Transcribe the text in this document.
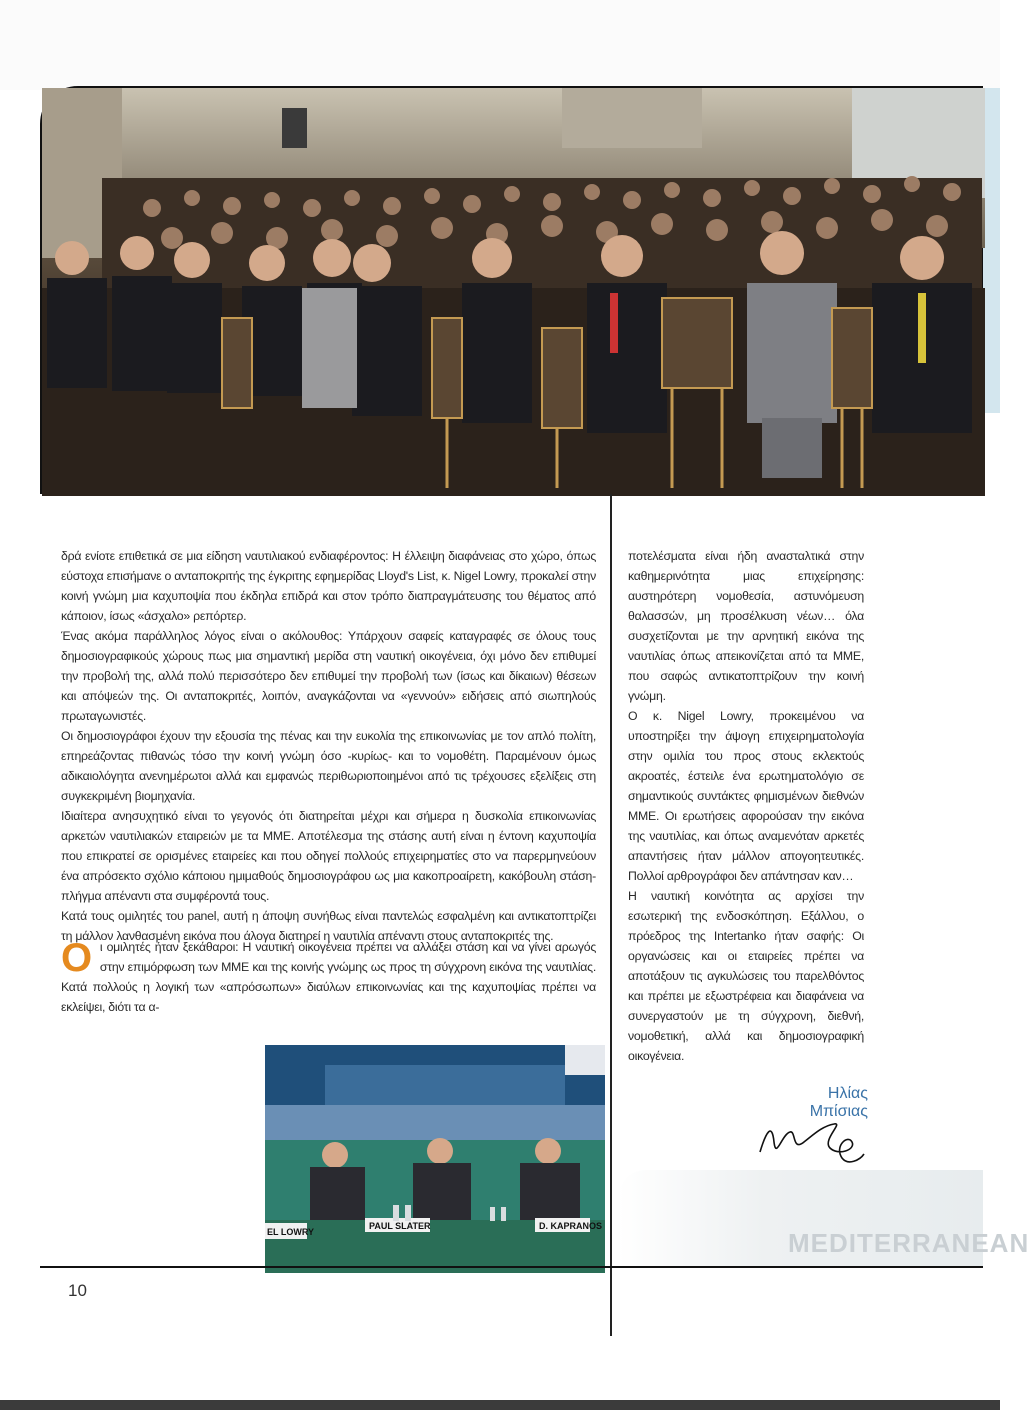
δρά ενίοτε επιθετικά σε μια είδηση ναυτιλιακού ενδιαφέροντος: Η έλλειψη διαφάνειας στο χώρο, όπως εύστοχα επισήμανε ο ανταποκριτής της έγκριτης εφημερίδας Lloyd's List, κ. Nigel Lowry, προκαλεί στην κοινή γνώμη μια καχυποψία που έκδηλα επιδρά και στον τρόπο διαπραγμάτευσης του θέματος από κάποιον, ίσως «άσχαλο» ρεπόρτερ.

Ένας ακόμα παράλληλος λόγος είναι ο ακόλουθος: Υπάρχουν σαφείς καταγραφές σε όλους τους δημοσιογραφικούς χώρους πως μια σημαντική μερίδα στη ναυτική οικογένεια, όχι μόνο δεν επιθυμεί την προβολή της, αλλά πολύ περισσότερο δεν επιθυμεί την προβολή των (ίσως και δίκαιων) θέσεων και απόψεών της. Οι ανταποκριτές, λοιπόν, αναγκάζονται να «γεννούν» ειδήσεις από σιωπηλούς πρωταγωνιστές.

Οι δημοσιογράφοι έχουν την εξουσία της πένας και την ευκολία της επικοινωνίας με τον απλό πολίτη, επηρεάζοντας πιθανώς τόσο την κοινή γνώμη όσο -κυρίως- και το νομοθέτη. Παραμένουν όμως αδικαιολόγητα ανενημέρωτοι αλλά και εμφανώς περιθωριοποιημένοι από τις τρέχουσες εξελίξεις στη συγκεκριμένη βιομηχανία.

Ιδιαίτερα ανησυχητικό είναι το γεγονός ότι διατηρείται μέχρι και σήμερα η δυσκολία επικοινωνίας αρκετών ναυτιλιακών εταιρειών με τα ΜΜΕ. Αποτέλεσμα της στάσης αυτή είναι η έντονη καχυποψία που επικρατεί σε ορισμένες εταιρείες και που οδηγεί πολλούς επιχειρηματίες στο να παρερμηνεύουν ένα απρόσεκτο σχόλιο κάποιου ημιμαθούς δημοσιογράφου ως μια κακοπροαίρετη, κακόβουλη στάση-πλήγμα απέναντι στα συμφέροντά τους.

Κατά τους ομιλητές του panel, αυτή η άποψη συνήθως είναι παντελώς εσφαλμένη και αντικατοπτρίζει τη μάλλον λανθασμένη εικόνα που άλογα διατηρεί η ναυτιλία απέναντι στους ανταποκριτές της.

Ο ι ομιλητές ήταν ξεκάθαροι: Η ναυτική οικογένεια πρέπει να αλλάξει στάση και να γίνει αρωγός στην επιμόρφωση των ΜΜΕ και της κοινής γνώμης ως προς τη σύγχρονη εικόνα της ναυτιλίας. Κατά πολλούς η λογική των «απρόσωπων» διαύλων επικοινωνίας και της καχυποψίας πρέπει να εκλείψει, διότι τα α-

ποτελέσματα είναι ήδη ανασταλτικά στην καθημερινότητα μιας επιχείρησης: αυστηρότερη νομοθεσία, αστυνόμευση θαλασσών, μη προσέλκυση νέων… όλα συσχετίζονται με την αρνητική εικόνα της ναυτιλίας όπως απεικονίζεται από τα ΜΜΕ, που σαφώς αντικατοπτρίζουν την κοινή γνώμη.

Ο κ. Nigel Lowry, προκειμένου να υποστηρίξει την άψογη επιχειρηματολογία στην ομιλία του προς στους εκλεκτούς ακροατές, έστειλε ένα ερωτηματολόγιο σε σημαντικούς συντάκτες φημισμένων διεθνών ΜΜΕ. Οι ερωτήσεις αφορούσαν την εικόνα της ναυτιλίας, και όπως αναμενόταν αρκετές απαντήσεις ήταν μάλλον απογοητευτικές. Πολλοί αρθρογράφοι δεν απάντησαν καν…

Η ναυτική κοινότητα ας αρχίσει την εσωτερική της ενδοσκόπηση. Εξάλλου, ο πρόεδρος της Intertanko ήταν σαφής: Οι οργανώσεις και οι εταιρείες πρέπει να αποτάξουν τις αγκυλώσεις του παρελθόντος και πρέπει με εξωστρέφεια και διαφάνεια να συνεργαστούν με τη σύγχρονη, διεθνή, νομοθετική, αλλά και δημοσιογραφική οικογένεια.

MEDITERRANEAN
Ηλίας Μπίσιας
EL LOWRY
PAUL SLATER	D. KAPRANOS
10
